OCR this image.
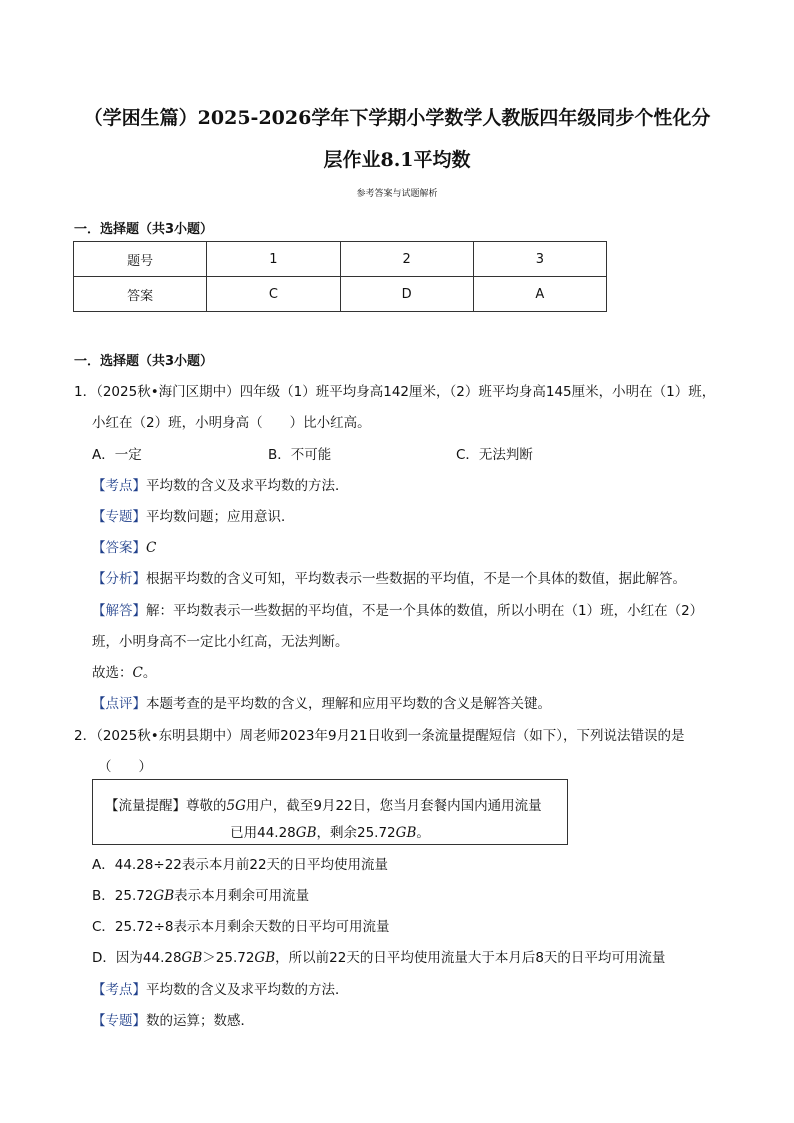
（学困生篇）2025-2026学年下学期小学数学人教版四年级同步个性化分
层作业8.1平均数
参考答案与试题解析
一．选择题（共3小题）
题号	1	2	3
答案	C	D	A
一．选择题（共3小题）
1．（2025秋•海门区期中）四年级（1）班平均身高142厘米，（2）班平均身高145厘米，小明在（1）班，
小红在（2）班，小明身高（　　）比小红高。
A．一定	B．不可能	C．无法判断
【考点】平均数的含义及求平均数的方法．
【专题】平均数问题；应用意识．
【答案】C
【分析】根据平均数的含义可知，平均数表示一些数据的平均值，不是一个具体的数值，据此解答。
【解答】解：平均数表示一些数据的平均值，不是一个具体的数值，所以小明在（1）班，小红在（2）
班，小明身高不一定比小红高，无法判断。
故选：C。
【点评】本题考查的是平均数的含义，理解和应用平均数的含义是解答关键。
2．（2025秋•东明县期中）周老师2023年9月21日收到一条流量提醒短信（如下），下列说法错误的是
（　　）
【流量提醒】尊敬的5G用户，截至9月22日，您当月套餐内国内通用流量
已用44.28GB，剩余25.72GB。
A．44.28÷22表示本月前22天的日平均使用流量
B．25.72GB表示本月剩余可用流量
C．25.72÷8表示本月剩余天数的日平均可用流量
D．因为44.28GB＞25.72GB，所以前22天的日平均使用流量大于本月后8天的日平均可用流量
【考点】平均数的含义及求平均数的方法．
【专题】数的运算；数感．
